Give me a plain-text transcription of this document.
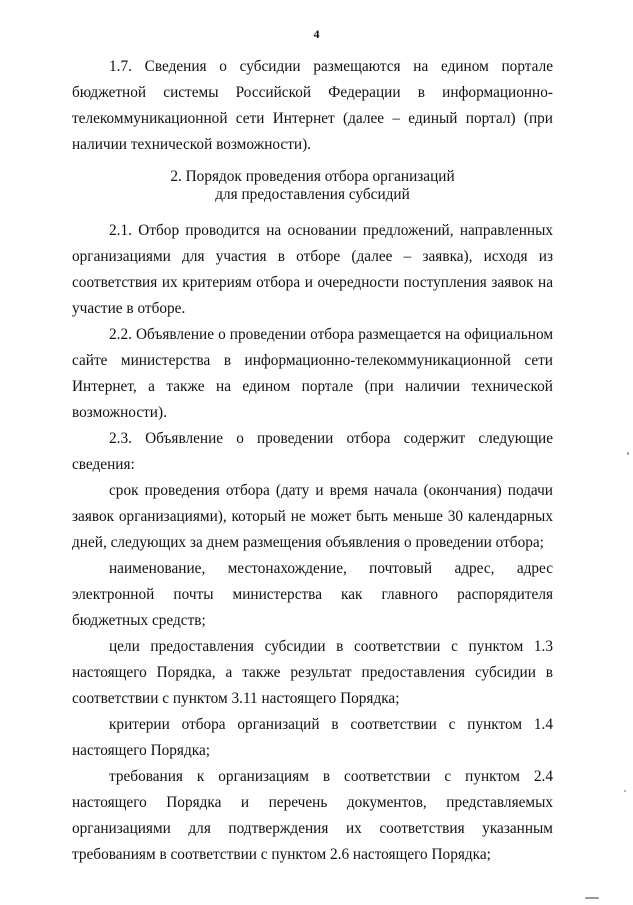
4

1.7. Сведения о субсидии размещаются на едином портале бюджетной системы Российской Федерации в информационно-телекоммуникационной сети Интернет (далее – единый портал) (при наличии технической возможности).

2. Порядок проведения отбора организаций
для предоставления субсидий

2.1. Отбор проводится на основании предложений, направленных организациями для участия в отборе (далее – заявка), исходя из соответствия их критериям отбора и очередности поступления заявок на участие в отборе.

2.2. Объявление о проведении отбора размещается на официальном сайте министерства в информационно-телекоммуникационной сети Интернет, а также на едином портале (при наличии технической возможности).

2.3. Объявление о проведении отбора содержит следующие сведения:

срок проведения отбора (дату и время начала (окончания) подачи заявок организациями), который не может быть меньше 30 календарных дней, следующих за днем размещения объявления о проведении отбора;

наименование, местонахождение, почтовый адрес, адрес электронной почты министерства как главного распорядителя бюджетных средств;

цели предоставления субсидии в соответствии с пунктом 1.3 настоящего Порядка, а также результат предоставления субсидии в соответствии с пунктом 3.11 настоящего Порядка;

критерии отбора организаций в соответствии с пунктом 1.4 настоящего Порядка;

требования к организациям в соответствии с пунктом 2.4 настоящего Порядка и перечень документов, представляемых организациями для подтверждения их соответствия указанным требованиям в соответствии с пунктом 2.6 настоящего Порядка;
